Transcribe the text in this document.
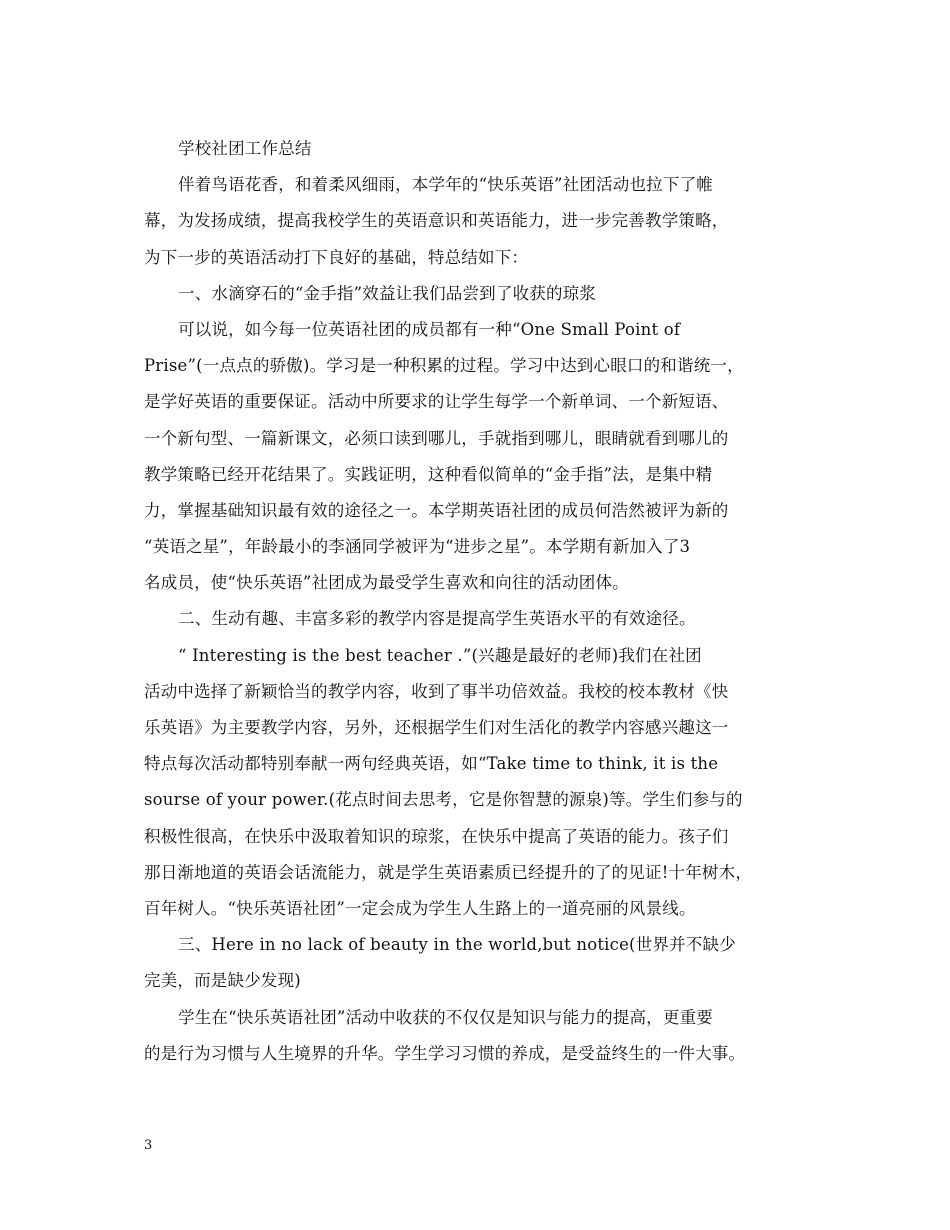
学校社团工作总结
伴着鸟语花香，和着柔风细雨，本学年的“快乐英语”社团活动也拉下了帷
幕，为发扬成绩，提高我校学生的英语意识和英语能力，进一步完善教学策略，
为下一步的英语活动打下良好的基础，特总结如下：
一、水滴穿石的“金手指”效益让我们品尝到了收获的琼浆
可以说，如今每一位英语社团的成员都有一种“One Small Point of
Prise”(一点点的骄傲)。学习是一种积累的过程。学习中达到心眼口的和谐统一，
是学好英语的重要保证。活动中所要求的让学生每学一个新单词、一个新短语、
一个新句型、一篇新课文，必须口读到哪儿，手就指到哪儿，眼睛就看到哪儿的
教学策略已经开花结果了。实践证明，这种看似简单的“金手指”法，是集中精
力，掌握基础知识最有效的途径之一。本学期英语社团的成员何浩然被评为新的
“英语之星”，年龄最小的李涵同学被评为“进步之星”。本学期有新加入了3
名成员，使“快乐英语”社团成为最受学生喜欢和向往的活动团体。
二、生动有趣、丰富多彩的教学内容是提高学生英语水平的有效途径。
“ Interesting is the best teacher .”(兴趣是最好的老师)我们在社团
活动中选择了新颖恰当的教学内容，收到了事半功倍效益。我校的校本教材《快
乐英语》为主要教学内容，另外，还根据学生们对生活化的教学内容感兴趣这一
特点每次活动都特别奉献一两句经典英语，如“Take time to think, it is the
sourse of your power.(花点时间去思考，它是你智慧的源泉)等。学生们参与的
积极性很高，在快乐中汲取着知识的琼浆，在快乐中提高了英语的能力。孩子们
那日渐地道的英语会话流能力，就是学生英语素质已经提升的了的见证!十年树木，
百年树人。“快乐英语社团”一定会成为学生人生路上的一道亮丽的风景线。
三、Here in no lack of beauty in the world,but notice(世界并不缺少
完美，而是缺少发现)
学生在“快乐英语社团”活动中收获的不仅仅是知识与能力的提高，更重要
的是行为习惯与人生境界的升华。学生学习习惯的养成，是受益终生的一件大事。
3
